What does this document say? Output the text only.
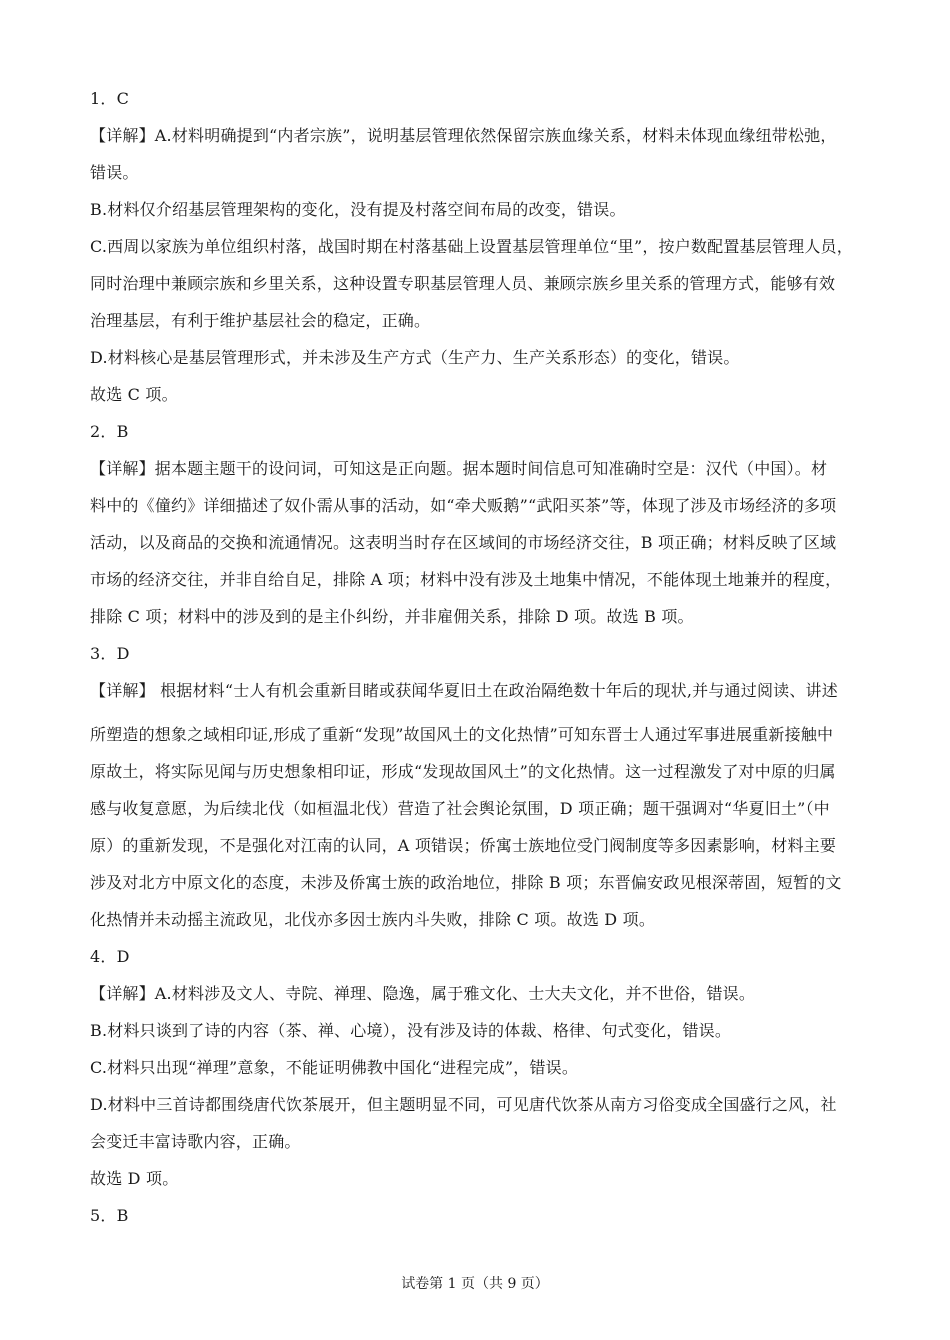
1．C
【详解】A.材料明确提到“内者宗族”，说明基层管理依然保留宗族血缘关系，材料未体现血缘纽带松弛，
错误。
B.材料仅介绍基层管理架构的变化，没有提及村落空间布局的改变，错误。
C.西周以家族为单位组织村落，战国时期在村落基础上设置基层管理单位“里”，按户数配置基层管理人员，
同时治理中兼顾宗族和乡里关系，这种设置专职基层管理人员、兼顾宗族乡里关系的管理方式，能够有效
治理基层，有利于维护基层社会的稳定，正确。
D.材料核心是基层管理形式，并未涉及生产方式（生产力、生产关系形态）的变化，错误。
故选 C 项。
2．B
【详解】据本题主题干的设问词，可知这是正向题。据本题时间信息可知准确时空是：汉代（中国）。材
料中的《僮约》详细描述了奴仆需从事的活动，如“牵犬贩鹅”“武阳买茶”等，体现了涉及市场经济的多项
活动，以及商品的交换和流通情况。这表明当时存在区域间的市场经济交往，B 项正确；材料反映了区域
市场的经济交往，并非自给自足，排除 A 项；材料中没有涉及土地集中情况，不能体现土地兼并的程度，
排除 C 项；材料中的涉及到的是主仆纠纷，并非雇佣关系，排除 D 项。故选 B 项。
3．D
【详解】 根据材料“士人有机会重新目睹或获闻华夏旧土在政治隔绝数十年后的现状,并与通过阅读、讲述
所塑造的想象之域相印证,形成了重新“发现”故国风土的文化热情”可知东晋士人通过军事进展重新接触中
原故土，将实际见闻与历史想象相印证，形成“发现故国风土”的文化热情。这一过程激发了对中原的归属
感与收复意愿，为后续北伐（如桓温北伐）营造了社会舆论氛围，D 项正确；题干强调对“华夏旧土”（中
原）的重新发现，不是强化对江南的认同，A 项错误；侨寓士族地位受门阀制度等多因素影响，材料主要
涉及对北方中原文化的态度，未涉及侨寓士族的政治地位，排除 B 项；东晋偏安政见根深蒂固，短暂的文
化热情并未动摇主流政见，北伐亦多因士族内斗失败，排除 C 项。故选 D 项。
4．D
【详解】A.材料涉及文人、寺院、禅理、隐逸，属于雅文化、士大夫文化，并不世俗，错误。
B.材料只谈到了诗的内容（茶、禅、心境），没有涉及诗的体裁、格律、句式变化，错误。
C.材料只出现“禅理”意象，不能证明佛教中国化“进程完成”，错误。
D.材料中三首诗都围绕唐代饮茶展开，但主题明显不同，可见唐代饮茶从南方习俗变成全国盛行之风，社
会变迁丰富诗歌内容，正确。
故选 D 项。
5．B
试卷第 1 页（共 9 页）
